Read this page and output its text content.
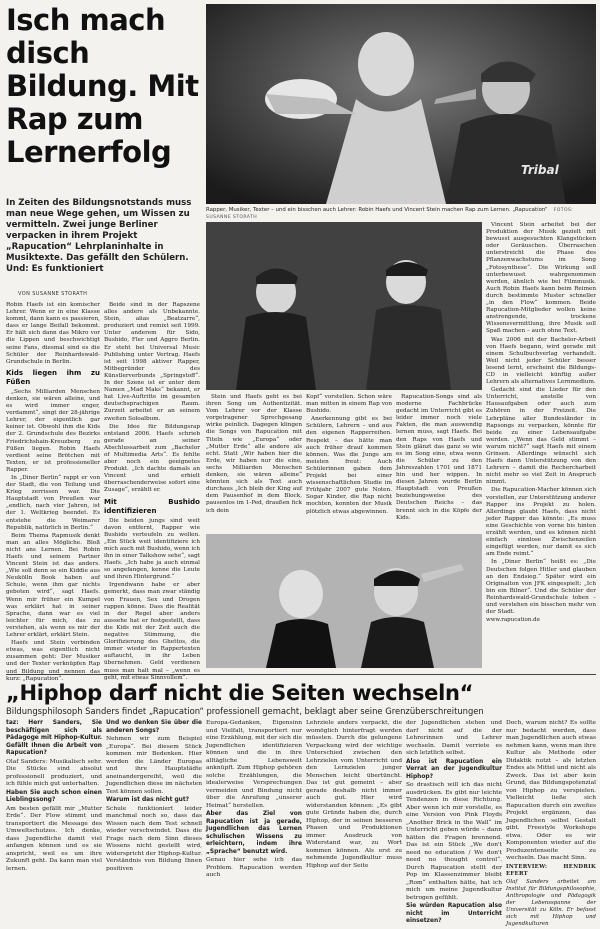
Isch mach disch Bildung. Mit Rap zum Lernerfolg
Tribal
Rapper, Musiker, Texter – und ein bisschen auch Lehrer: Robin Haefs und Vincent Stein machen Rap zum Lernen. „Rapucation“ FOTOS: SUSANNE STORATH
In Zeiten des Bildungsnotstands muss man neue Wege gehen, um Wissen zu vermitteln. Zwei junge Berliner verpacken in ihrem Projekt „Rapucation“ Lehrplaninhalte in Musiktexte. Das gefällt den Schülern. Und: Es funktioniert
VON SUSANNE STORATH

Robin Haefs ist ein komischer Lehrer. Wenn er in eine Klasse kommt, dann kann es passieren, dass er lange Beifall bekommt. Er hält sich dann das Mikro vor die Lippen und beschwichtigt seine Fans, diesmal sind es die Schüler der Reinhardswald-Grundschule in Berlin.

Kids liegen ihm zu Füßen

„Sechs Milliarden Menschen denken, sie wären alleine, und es wird immer enger, verdammt“, singt der 28-jährige Lehrer, der eigentlich gar keiner ist. Obwohl ihm die Kids der 2. Grundschule des Bezirks Friedrichshain-Kreuzberg zu Füßen liegen. Robin Haefs verdient seine Brötchen mit Texten, er ist professioneller Rapper.

In „Diner Berlin“ rappt er von der Stadt, die von Teilung und Krieg zerrissen war. Die Hauptstadt von Preußen war „endlich, nach vier Jahren, ist der 1. Weltkrieg beendet. Es entstehe die Weimarer Republik, natürlich in Berlin.“

Beim Thema Rapmusik denkt man an alles Mögliche. Bloß nicht ans Lernen. Bei Robin Haefs und seinem Partner Vincent Stein ist das anders. „Wie soll denn so ein Kiddie aus Neukölln Book haben auf Schule, wenn ihm gar nichts geboten wird“, sagt Haefs. Wenn mir früher ein Kumpel was erklärt hat in seiner Sprache, dann war es viel leichter für mich, das zu verstehen, als wenn es mir der Lehrer erklärt, erklärt Stein.

Haefs und Stein verbinden etwas, was eigentlich nicht zusammen geht: Der Musiker und der Texter verknüpfen Rap und Bildung und nennen das kurz: „Rapucation“.

Beide sind in der Rapszene alles andere als Unbekannte. Stein, alias „Beatzarre“, produziert und remixt seit 1999. Unter anderem für Sido, Bushido, Fler und Aggro Berlin. Er steht bei Universal Music Publishing unter Vertrag. Haefs ist seit 1998 aktiver Rapper, Mitbegründer des Künstlerverbunds „Springstoff“. In der Szene ist er unter dem Namen „Mad Maks“ bekannt, er hat Live-Auftritte im gesamten deutschsprachigen Raum. Zurzeit arbeitet er an seinem zweiten Soloalbum.

Die Idee für Bildungsrap entstand 2006. Haefs schrieb gerade an seiner Abschlussarbeit zum „Bachelor of Multimedia Arts“. Es fehlte aber noch ein geeignetes Produkt. „Ich dachte damals an Vincent und erhielt überraschenderweise sofort eine Zusage“, erzählt er.

Mit Bushido identifizieren

Die beiden jungs sind weit davon entfernt, Rapper wie Bushido verteufeln zu wollen. „Ein Stück weit identifiziere ich mich auch mit Bushido, wenn ich ihn in einer Talkshow sehe“, sagt Haefs. „Ich habe ja auch einmal so angefangen, kenne die Leute und ihren Hintergrund.“

Irgendwann habe er aber gemerkt, dass man zwar ständig von Frauen, Sex und Drogen rappen könne. Dass die Realität in der Regel aber anders aussehe hat er festgestellt, dass die Kids mit der Zeit auch die negative Stimmung, die Glorifizierung des Ghettos, die immer wieder in Rappertexten auftaucht, in ihr Leben übernehmen. Geld verdienen muss man halt mal – „wenn es geht, mit etwas Sinnvollem“.

Stein und Haefs geht es bei ihren Song um Authentizität. Vom Lehrer vor der Klasse vorgetragener Sprechgesang wirke peinlich. Dagegen klingen die Songs von Rapucation mit Titeln wie „Europa“ oder „Mutter Erde“ alle andere als echt. Statt „Wir haben hier die Erde, wir haben nur die eine, sechs Milliarden Menschen denken, sie wären alleine“ könnten sich als Text auch durchaus „Ich bleib der King auf dem Pausenhof in dem Block, pausenlos im 1-Ped, draußen fick ich dein

Kopf“ vorstellen. Schon wäre man mitten in einem Rap von Bushido.

Anerkennung gibt es bei Schülern, Lehrern – und aus den eigenen Rapperreihen. Respekt – das hätte man auch früher drauf kommen können. Was die Jungs am meisten freut: Auch Schülerinnen gaben dem Projekt bei einer wissenschaftlichen Studie im Frühjahr 2007 gute Noten. Sogar Kinder, die Rap nicht mochten, konnten der Musik plötzlich etwas abgewinnen.

Rapucation-Songs sind als moderne Fachbrücke gedacht im Unterricht gibt es leider immer noch viele Fakten, die man auswendig lernen muss, sagt Haefs. Bei den Raps von Haefs und Stein glänzt das ganz so wie es im Song eine, etwa wenn die Schüler zu den Jahreszahlen 1701 und 1871 hin und her wippen. In diesen Jahren wurde Berlin Hauptstadt von Preußen beziehungsweise des Deutschen Reichs – das brennt sich in die Köpfe der Kids.

Vincent Stein arbeitet bei der Produktion der Musik gezielt mit bewusst ausgesuchten Klangstücken oder Geräuschen. Überraschen unterstreicht die Phase des Pflanzenwachstums im Song „Fotosynthese“. Die Wirkung soll unterbewusst wahrgenommen werden, ähnlich wie bei Filmmusik. Auch Robin Haefs kann beim Reimen durch bestimmte Muster schneller „in den Flow“ kommen. Beide Rapucation-Mitglieder wollen keine anstrengende, trockene Wissensvermittlung, ihre Musik soll Spaß machen – auch ohne Text.

Was 2006 mit der Bachelor-Arbeit von Haefs begann, wird gerade mit einem Schulbuchverlag verhandelt. Weil nicht jeder Schüler besser lesend lernt, erscheint die Bildungs-CD in vielleicht künftig außer Lehrern als alternatives Lernmedium.

Gedacht sind die Lieder für den Unterricht, anstelle von Hausaufgaben oder auch zum Zuhören in der Freizeit. Die Lehrpläne aller Bundesländer in Rapsongs zu verpacken, könnte für beide zu einer Lebensaufgabe werden. „Wenn das Geld stimmt – warum nicht?“ sagt Haefs mit einem Grinsen. Allerdings wünscht sich Haefs dann Unterstützung von den Lehrern – damit die Rechercharbeit nicht mehr so viel Zeit in Anspruch nimmt.

Die Rapucation-Macher können sich vorstellen, zur Unterstützung anderer Rapper ins Projekt zu holen. Allerdings glaubt Haefs, dass nicht jeder Rapper das könnte: „Es muss eine Geschichte von vorne bis hinten erzählt werden, und es können nicht einfach sinnlose Zwischenzeilen eingefügt werden, nur damit es sich am Ende reimt.“

In „Diner Berlin“ heißt es: „Die Deutschen folgen Hitler und glauben an den Endsieg.“ Später wird ein Originalton von JFK eingespielt: „Ich bin ein Bilner“. Und die Schüler der Reinhardswald-Grundschule toben – und verstehen ein bisschen mehr von der Stadt.

www.rapucation.de

„Hiphop darf nicht die Seiten wechseln“
Bildungsphilosoph Sanders findet „Rapucation“ professionell gemacht, beklagt aber seine Grenzüberschreitungen

taz: Herr Sanders, Sie beschäftigen sich als Pädagoge mit Hiphop-Kultur. Gefällt Ihnen die Arbeit von Rapucation?

Olaf Sanders: Musikalisch sehr. Die Stücke sind absolut professionell produziert, und ich fühle mich gut unterhalten.

Haben Sie auch schon einen Lieblingssong?

Am besten gefällt mir „Mutter Erde“. Der Flow stimmt und transportiert die Message des Umweltschutzes. Ich denke, dass Jugendliche damit viel anfangen können und es sie anspricht, weil es um ihre Zukunft geht. Da kann man viel lernen.

Und wo denken Sie über die anderen Songs?

Nehmen wir zum Beispiel „Europa“. Bei diesem Stück kommen mir Bedenken. Hier werden die Länder Europas und ihre Hauptstädte aneinandergereiht, weil die Jugendlichen diese im nächsten Test können sollen.

Warum ist das nicht gut?

Schule funktioniert leider manchmal noch so, dass das Wissen nach dem Test schnell wieder verschwindet. Dass die Frage nach dem Sinn dieses Wissens nicht gestellt wird, widerspricht der Hiphop-Kultur. Verständnis von Bildung Ihnen positiven

Europa-Gedanken, Eigensinn und Vielfalt, transportiert nur eine Erzählung, mit der sich die Jugendlichen identifizieren können und die in ihre alltägliche Lebenswelt anknüpft. Zum Hiphop gehören solche Erzählungen, die idealerweise Versprechungen vermeiden und Bindung nicht über die Anrufung „unserer Heimat“ herstellen.

Aber das Ziel von Rapucation ist ja gerade, Jugendlichen das Lernen schulischen Wissens zu erleichtern, indem ihre „Sprache“ benutzt wird.

Genau hier sehe ich das Problem. Rapucation werden auch

Lehrziele anders verpackt, die womöglich hinterfragt werden müssten. Durch die gelungene Verpackung wird der wichtige Unterschied zwischen den Lehrzielen vom Unterricht und den Lernzielen junger Menschen leicht übertüncht. Das ist gut gemeint – aber gerade deshalb nicht immer auch gut. Hier wird widerstanden können: „Es gibt gute Gründe haben die, durch Hiphop, der in seinen besseren Phasen und Produktionen immer Ausdruck von Widerstand war, zu Wort kommen können. Als erst zu nehmende Jugendkultur muss Hiphop auf der Seite

der Jugendlichen stehen und darf nicht auf die der Lehrerinnen und Lehrer wechseln. Damit verriete es sich letztlich selbst.

Also ist Rapucation ein Verrat an der Jugendkultur Hiphop?

So drastisch will ich das nicht ausdrücken. Es gibt nur leichte Tendenzen in diese Richtung. Aber wenn ich mir vorstelle, es eine Version von Pink Floyds „Another Brick in the Wall“ im Unterricht geben würde – dann hätten die Fragen brennend. Das ist ein Stück „We don't need no education / We don't need no thought control“. Durch Rapucation stellt der Pop im Klassenzimmer bleibt „Rom“ enthalten hätte, hat ich mich um meine Jugendkultur betrogen gefühlt.

Sie würden Rapucation also nicht im Unterricht einsetzen?

Doch, warum nicht? Es sollte nur bedacht werden, dass man Jugendlichen auch etwas nehmen kann, wenn man ihre Kultur als Methode oder Didaktik nutzt – als letzten Endes als Mittel und nicht als Zweck. Das ist aber kein Grund, das Bildungspotenzial von Hiphop zu verspielen. Vielleicht ließe sich Rapucation durch ein zweites Projekt ergänzen, das Jugendlichen selbst Gestalt gibt. Freestyle Workshops etwa. Oder es wir Komponenten wieder auf die Produzentenseite zu wechseln. Das macht Sinn.

INTERVIEW: HENDRIK EFERT

Olaf Sanders arbeitet am Institut für Bildungsphilosophie, Anthropologie und Pädagogik der Lebensspanne der Universität zu Köln. Er befasst sich mit Hiphop und Jugendkulturen
